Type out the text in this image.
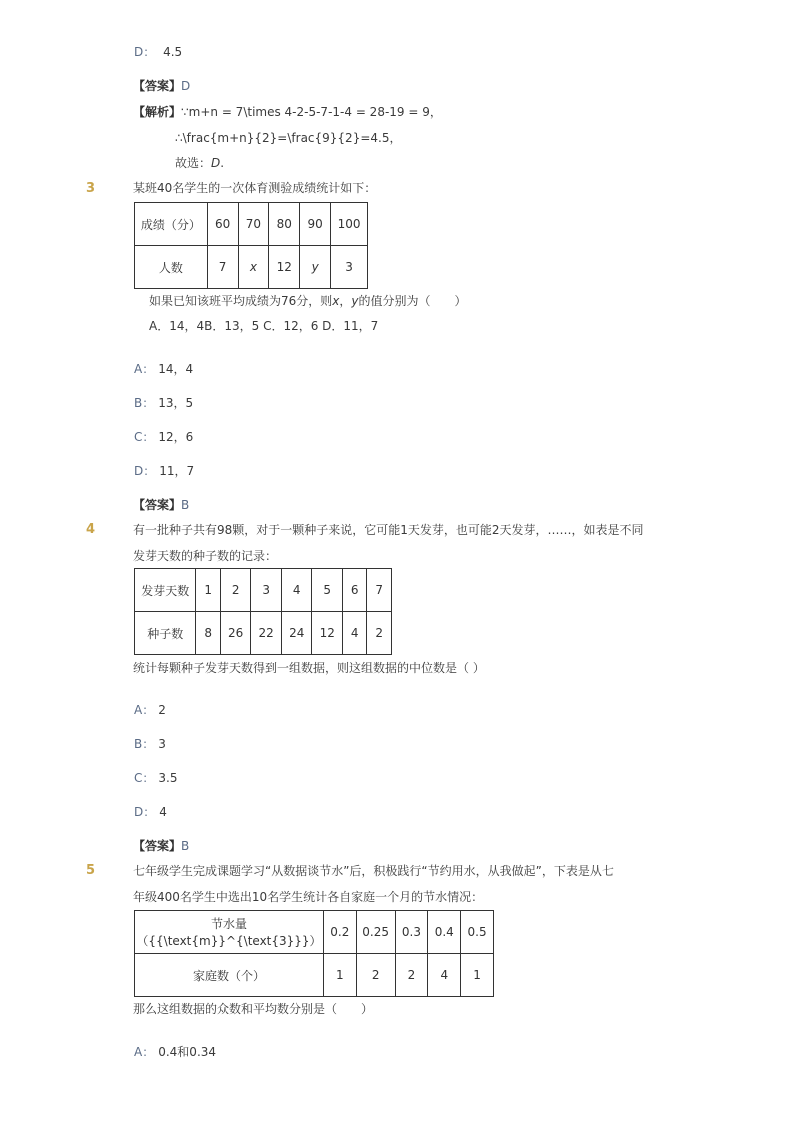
D： 4.5
【答案】D
【解析】∵m+n = 7\times 4-2-5-7-1-4 = 28-19 = 9，
∴\frac{m+n}{2}=\frac{9}{2}=4.5，
故选：D.
3	某班40名学生的一次体育测验成绩统计如下：
成绩（分）	60	70	80	90	100
人数	7	x	12	y	3
如果已知该班平均成绩为76分，则x，y的值分别为（　　）
A．14，4B．13，5 C．12，6 D．11，7
A： 14，4
B： 13，5
C： 12，6
D： 11，7
【答案】B
4	有一批种子共有98颗，对于一颗种子来说，它可能1天发芽，也可能2天发芽，……，如表是不同
发芽天数的种子数的记录：
发芽天数	1	2	3	4	5	6	7
种子数	8	26	22	24	12	4	2
统计每颗种子发芽天数得到一组数据，则这组数据的中位数是（ ）
A： 2
B： 3
C： 3.5
D： 4
【答案】B
5	七年级学生完成课题学习“从数据谈节水”后，积极践行“节约用水，从我做起”，下表是从七
年级400名学生中选出10名学生统计各自家庭一个月的节水情况：
节水量（{{\text{m}}^{\text{3}}}）	0.2	0.25	0.3	0.4	0.5
家庭数（个）	1	2	2	4	1
那么这组数据的众数和平均数分别是（　　）
A： 0.4和0.34
